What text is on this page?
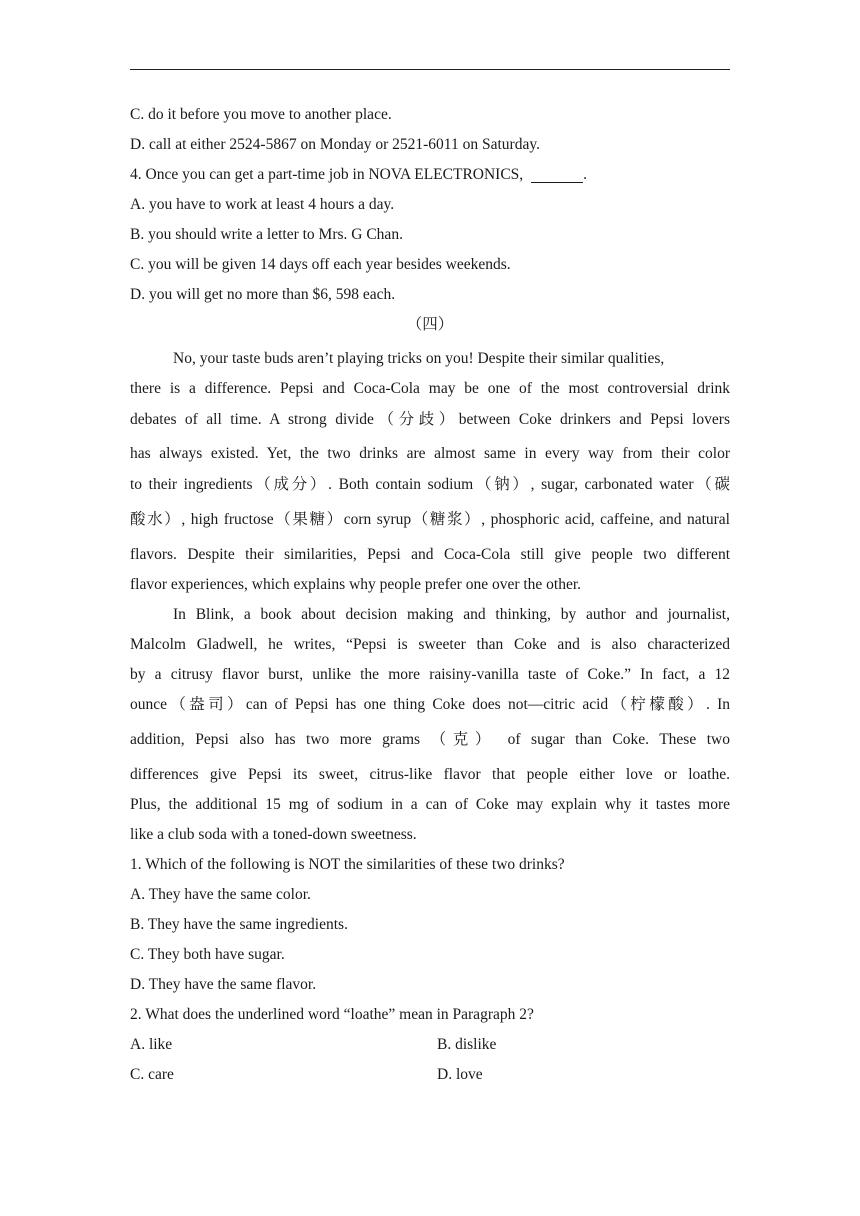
C. do it before you move to another place.
D. call at either 2524-5867 on Monday or 2521-6011 on Saturday.
4. Once you can get a part-time job in NOVA ELECTRONICS,	.
A. you have to work at least 4 hours a day.
B. you should write a letter to Mrs. G Chan.
C. you will be given 14 days off each year besides weekends.
D. you will get no more than $6, 598 each.
（四）
No, your taste buds aren’t playing tricks on you! Despite their similar qualities,
there is a difference. Pepsi and Coca-Cola may be one of the most controversial drink
debates of all time. A strong divide（分歧）between Coke drinkers and Pepsi lovers
has always existed. Yet, the two drinks are almost same in every way from their color
to their ingredients（成分）. Both contain sodium（钠）, sugar, carbonated water（碳
酸水）, high fructose（果糖）corn syrup（糖浆）, phosphoric acid, caffeine, and natural
flavors. Despite their similarities, Pepsi and Coca-Cola still give people two different
flavor experiences, which explains why people prefer one over the other.
In Blink, a book about decision making and thinking, by author and journalist,
Malcolm Gladwell, he writes, “Pepsi is sweeter than Coke and is also characterized
by a citrusy flavor burst, unlike the more raisiny-vanilla taste of Coke.” In fact, a 12
ounce（盎司）can of Pepsi has one thing Coke does not—citric acid（柠檬酸）. In
addition, Pepsi also has two more grams （克） of sugar than Coke. These two
differences give Pepsi its sweet, citrus-like flavor that people either love or loathe.
Plus, the additional 15 mg of sodium in a can of Coke may explain why it tastes more
like a club soda with a toned-down sweetness.
1. Which of the following is NOT the similarities of these two drinks?
A. They have the same color.
B. They have the same ingredients.
C. They both have sugar.
D. They have the same flavor.
2. What does the underlined word “loathe” mean in Paragraph 2?
A. like	B. dislike
C. care	D. love
